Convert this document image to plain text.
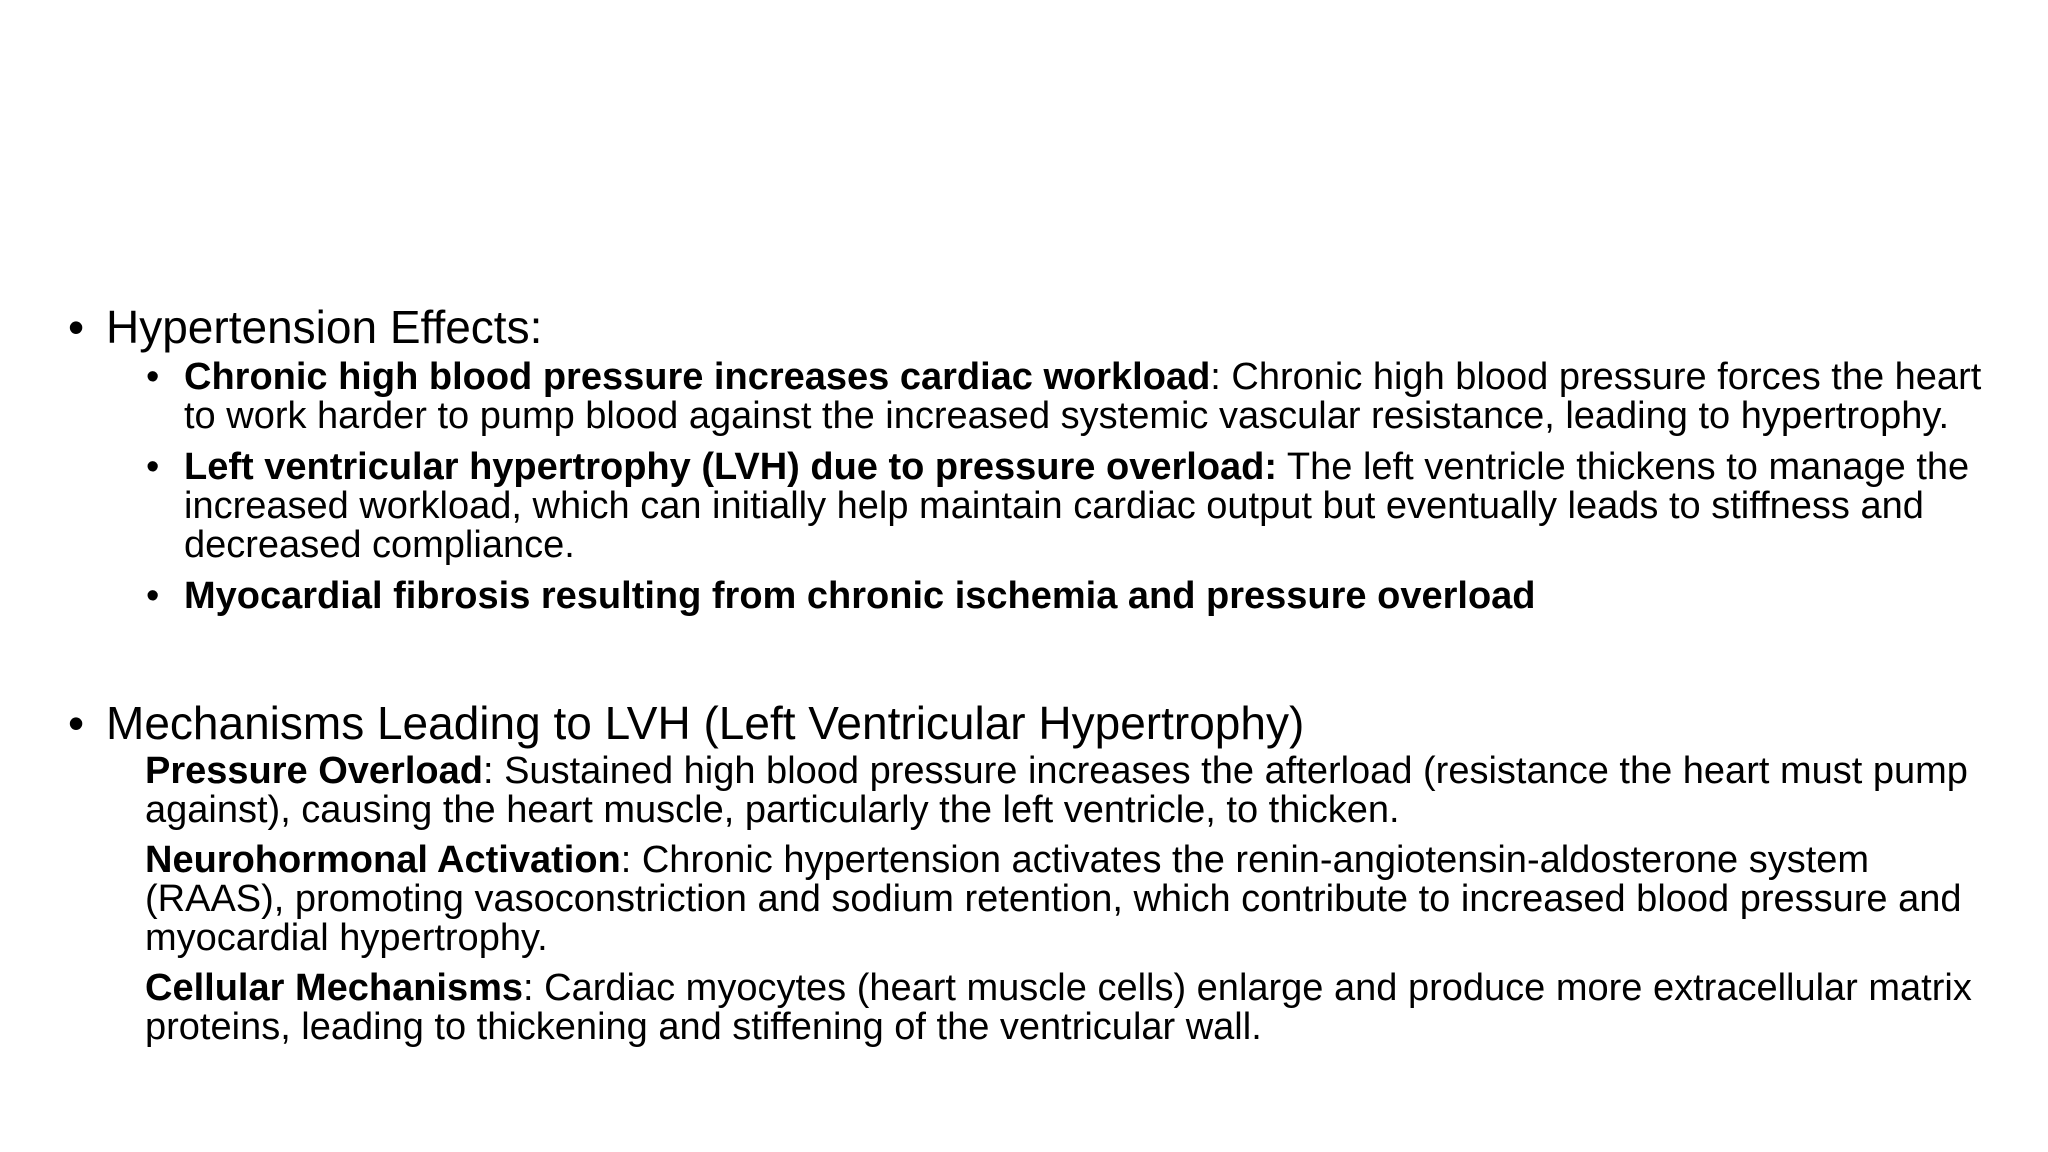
• Hypertension Effects:
• Chronic high blood pressure increases cardiac workload: Chronic high blood pressure forces the heart to work harder to pump blood against the increased systemic vascular resistance, leading to hypertrophy.
• Left ventricular hypertrophy (LVH) due to pressure overload: The left ventricle thickens to manage the increased workload, which can initially help maintain cardiac output but eventually leads to stiffness and decreased compliance.
• Myocardial fibrosis resulting from chronic ischemia and pressure overload
• Mechanisms Leading to LVH (Left Ventricular Hypertrophy)

Pressure Overload: Sustained high blood pressure increases the afterload (resistance the heart must pump against), causing the heart muscle, particularly the left ventricle, to thicken.

Neurohormonal Activation: Chronic hypertension activates the renin-angiotensin-aldosterone system (RAAS), promoting vasoconstriction and sodium retention, which contribute to increased blood pressure and myocardial hypertrophy.

Cellular Mechanisms: Cardiac myocytes (heart muscle cells) enlarge and produce more extracellular matrix proteins, leading to thickening and stiffening of the ventricular wall.
